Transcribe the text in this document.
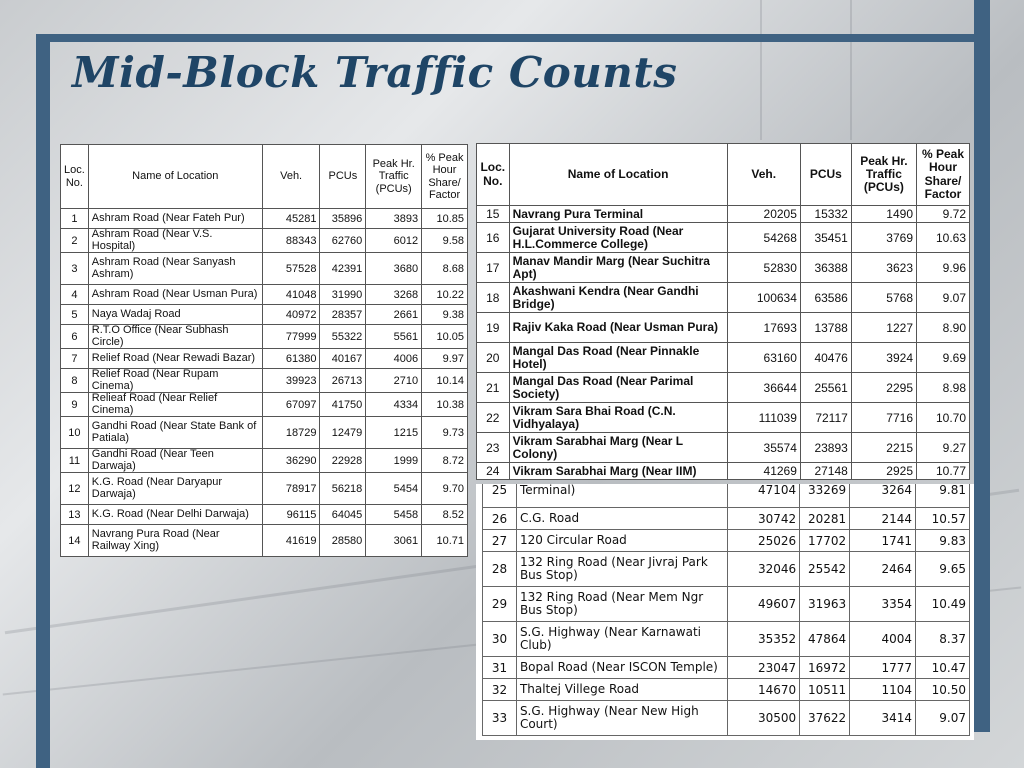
Mid-Block Traffic Counts
Loc. No.	Name of Location	Veh.	PCUs	Peak Hr. Traffic (PCUs)	% Peak Hour Share/ Factor
1	Ashram Road (Near Fateh Pur)	45281	35896	3893	10.85
2	Ashram Road (Near V.S. Hospital)	88343	62760	6012	9.58
3	Ashram Road (Near Sanyash Ashram)	57528	42391	3680	8.68
4	Ashram Road (Near Usman Pura)	41048	31990	3268	10.22
5	Naya Wadaj Road	40972	28357	2661	9.38
6	R.T.O Office (Near Subhash Circle)	77999	55322	5561	10.05
7	Relief Road (Near Rewadi Bazar)	61380	40167	4006	9.97
8	Relief Road (Near Rupam Cinema)	39923	26713	2710	10.14
9	Relieaf Road (Near Relief Cinema)	67097	41750	4334	10.38
10	Gandhi Road (Near State Bank of Patiala)	18729	12479	1215	9.73
11	Gandhi Road (Near Teen Darwaja)	36290	22928	1999	8.72
12	K.G. Road (Near Daryapur Darwaja)	78917	56218	5454	9.70
13	K.G. Road (Near Delhi Darwaja)	96115	64045	5458	8.52
14	Navrang Pura Road (Near Railway Xing)	41619	28580	3061	10.71
Loc. No.	Name of Location	Veh.	PCUs	Peak Hr. Traffic (PCUs)	% Peak Hour Share/ Factor
15	Navrang Pura Terminal	20205	15332	1490	9.72
16	Gujarat University Road (Near H.L.Commerce College)	54268	35451	3769	10.63
17	Manav Mandir Marg (Near Suchitra Apt)	52830	36388	3623	9.96
18	Akashwani Kendra (Near Gandhi Bridge)	100634	63586	5768	9.07
19	Rajiv Kaka Road (Near Usman Pura)	17693	13788	1227	8.90
20	Mangal Das Road (Near Pinnakle Hotel)	63160	40476	3924	9.69
21	Mangal Das Road (Near Parimal Society)	36644	25561	2295	8.98
22	Vikram Sara Bhai Road (C.N. Vidhyalaya)	111039	72117	7716	10.70
23	Vikram Sarabhai Marg (Near L Colony)	35574	23893	2215	9.27
24	Vikram Sarabhai Marg (Near IIM)	41269	27148	2925	10.77
25	Terminal)	47104	33269	3264	9.81
26	C.G. Road	30742	20281	2144	10.57
27	120 Circular Road	25026	17702	1741	9.83
28	132 Ring Road (Near Jivraj Park Bus Stop)	32046	25542	2464	9.65
29	132 Ring Road (Near Mem Ngr Bus Stop)	49607	31963	3354	10.49
30	S.G. Highway (Near Karnawati Club)	35352	47864	4004	8.37
31	Bopal Road (Near ISCON Temple)	23047	16972	1777	10.47
32	Thaltej Villege Road	14670	10511	1104	10.50
33	S.G. Highway (Near New High Court)	30500	37622	3414	9.07
